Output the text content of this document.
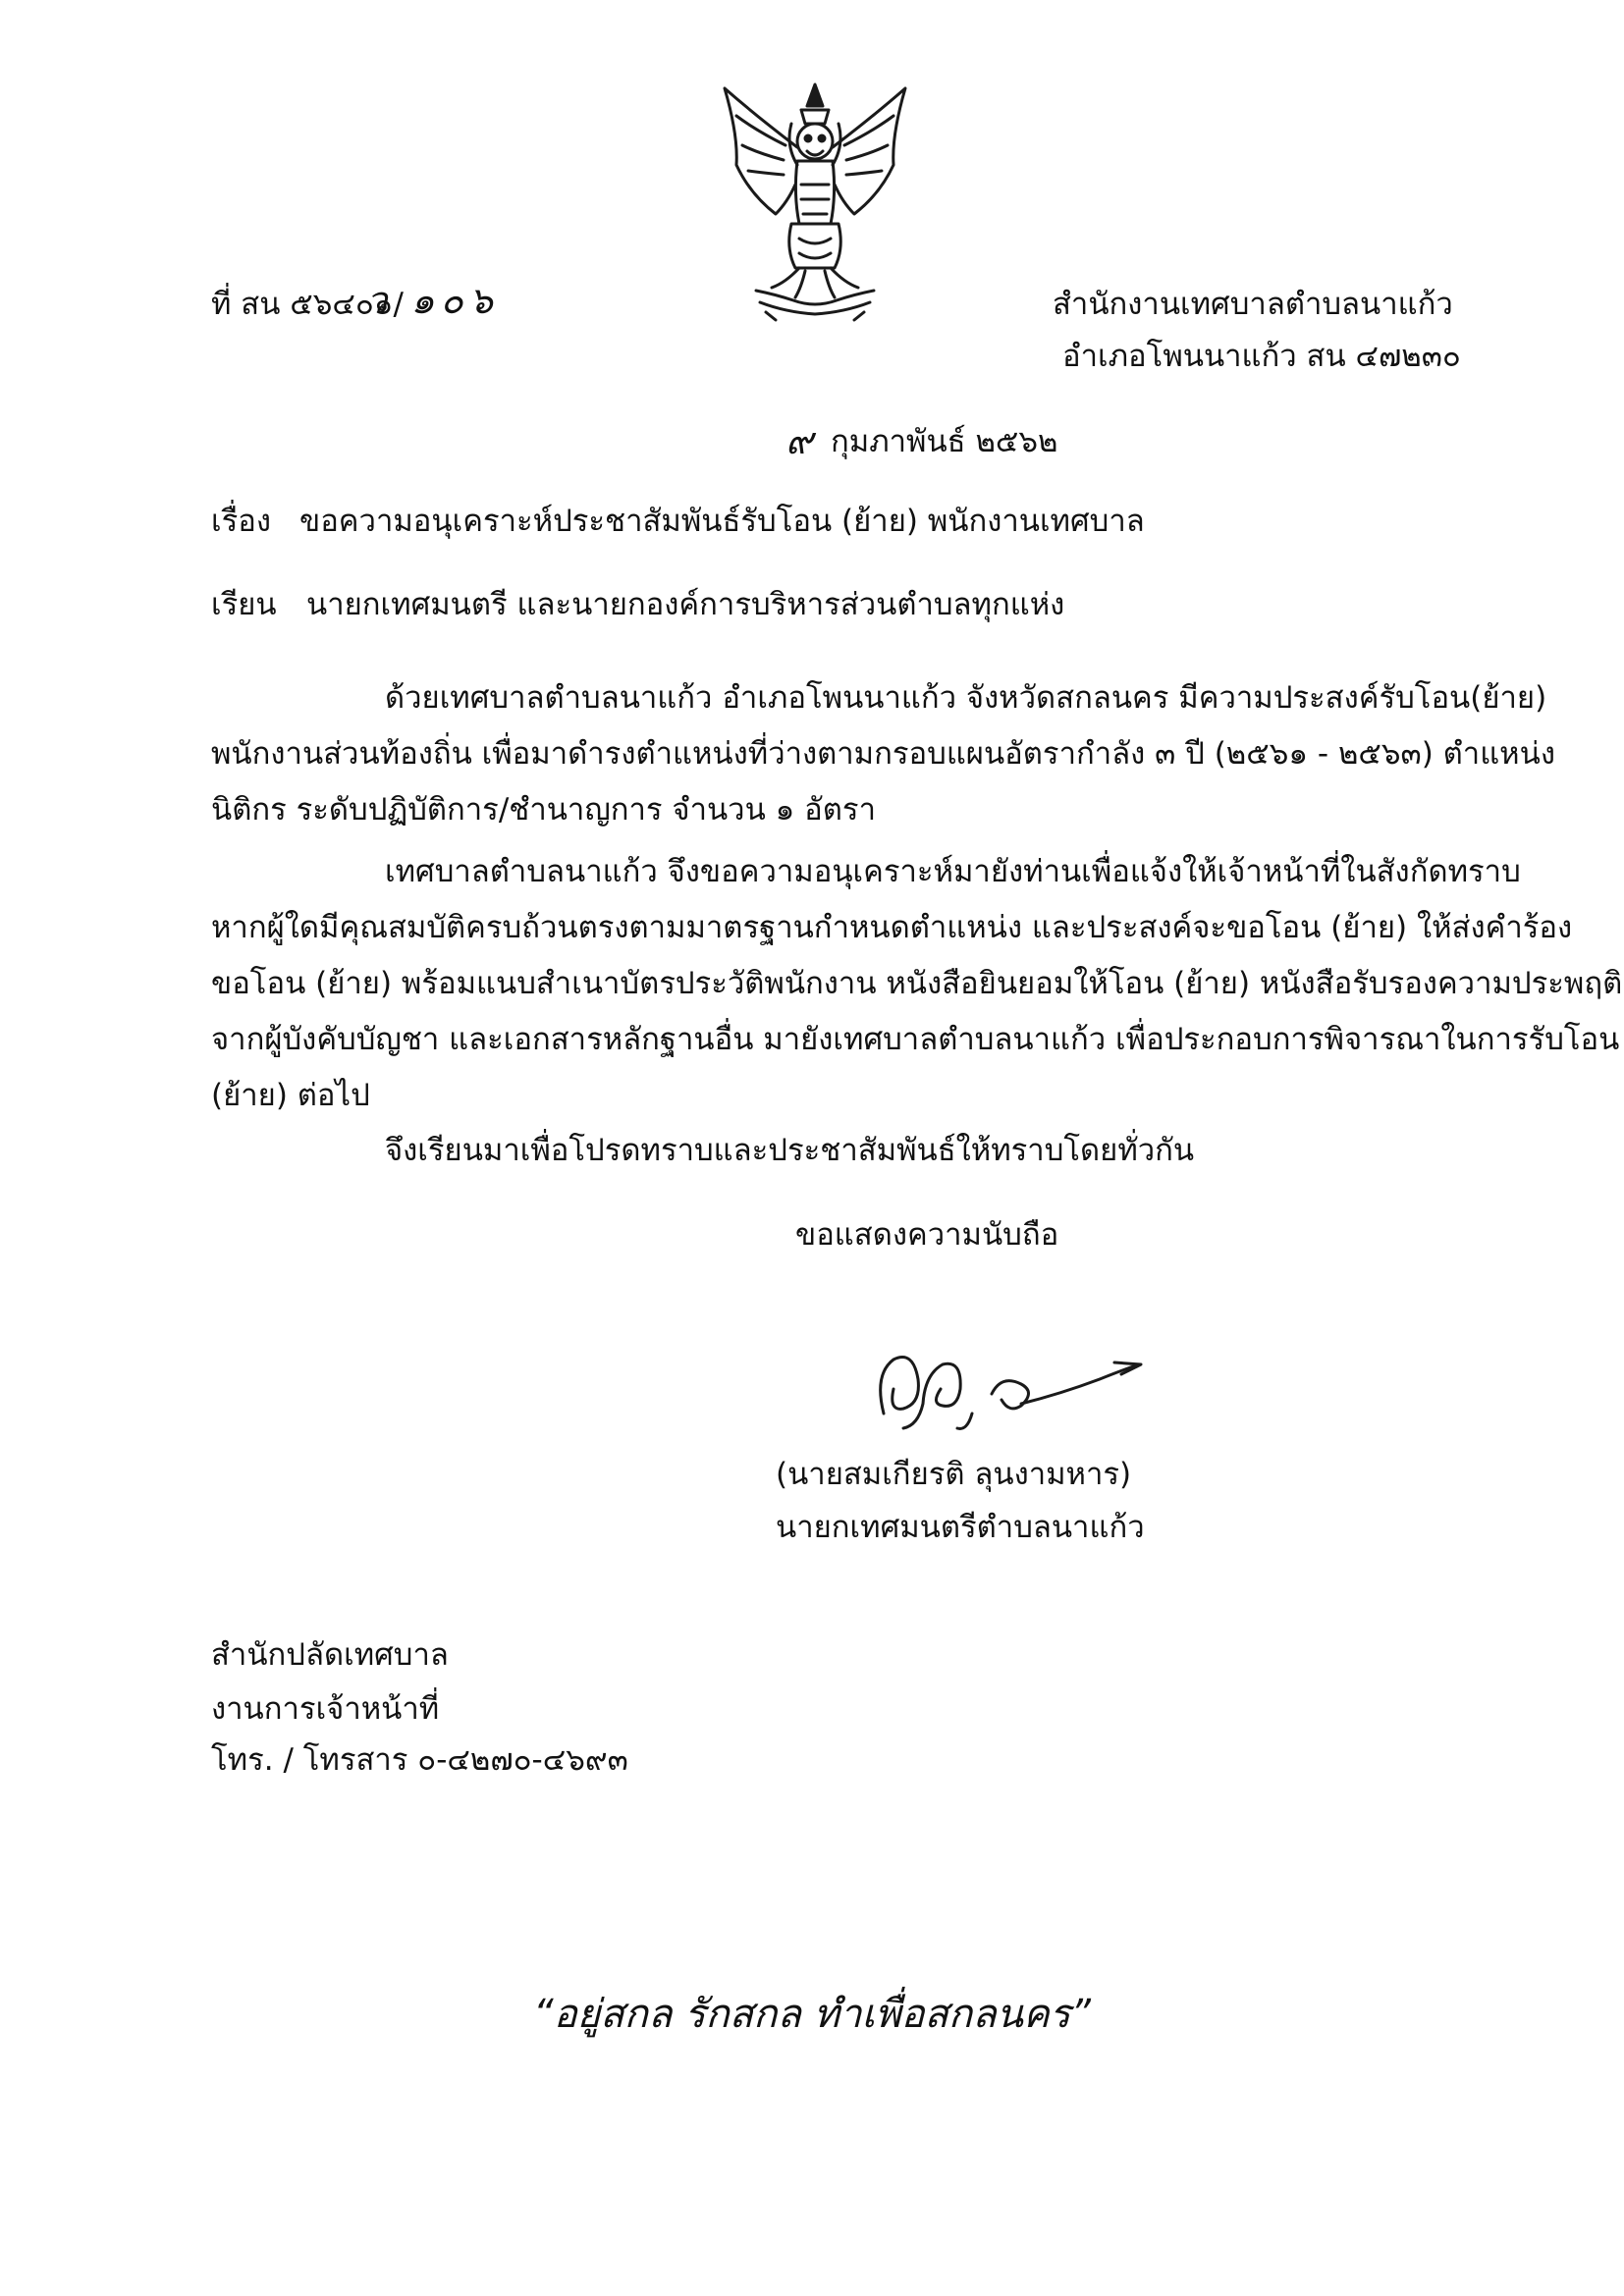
ที่ สน ๕๖๔๐๑/
ว ๑๐๖	สำนักงานเทศบาลตำบลนาแก้ว
อำเภอโพนนาแก้ว สน ๔๗๒๓๐
๙ กุมภาพันธ์ ๒๕๖๒
เรื่อง ขอความอนุเคราะห์ประชาสัมพันธ์รับโอน (ย้าย) พนักงานเทศบาล
เรียน นายกเทศมนตรี และนายกองค์การบริหารส่วนตำบลทุกแห่ง
ด้วยเทศบาลตำบลนาแก้ว อำเภอโพนนาแก้ว จังหวัดสกลนคร มีความประสงค์รับโอน(ย้าย)
พนักงานส่วนท้องถิ่น เพื่อมาดำรงตำแหน่งที่ว่างตามกรอบแผนอัตรากำลัง ๓ ปี (๒๕๖๑ - ๒๕๖๓) ตำแหน่ง
นิติกร ระดับปฏิบัติการ/ชำนาญการ จำนวน ๑ อัตรา
เทศบาลตำบลนาแก้ว จึงขอความอนุเคราะห์มายังท่านเพื่อแจ้งให้เจ้าหน้าที่ในสังกัดทราบ
หากผู้ใดมีคุณสมบัติครบถ้วนตรงตามมาตรฐานกำหนดตำแหน่ง และประสงค์จะขอโอน (ย้าย) ให้ส่งคำร้อง
ขอโอน (ย้าย) พร้อมแนบสำเนาบัตรประวัติพนักงาน หนังสือยินยอมให้โอน (ย้าย) หนังสือรับรองความประพฤติ
จากผู้บังคับบัญชา และเอกสารหลักฐานอื่น มายังเทศบาลตำบลนาแก้ว เพื่อประกอบการพิจารณาในการรับโอน
(ย้าย) ต่อไป
จึงเรียนมาเพื่อโปรดทราบและประชาสัมพันธ์ให้ทราบโดยทั่วกัน
ขอแสดงความนับถือ
(นายสมเกียรติ ลุนงามหาร)
นายกเทศมนตรีตำบลนาแก้ว
สำนักปลัดเทศบาล
งานการเจ้าหน้าที่
โทร. / โทรสาร ๐-๔๒๗๐-๔๖๙๓
“อยู่สกล รักสกล ทำเพื่อสกลนคร”
